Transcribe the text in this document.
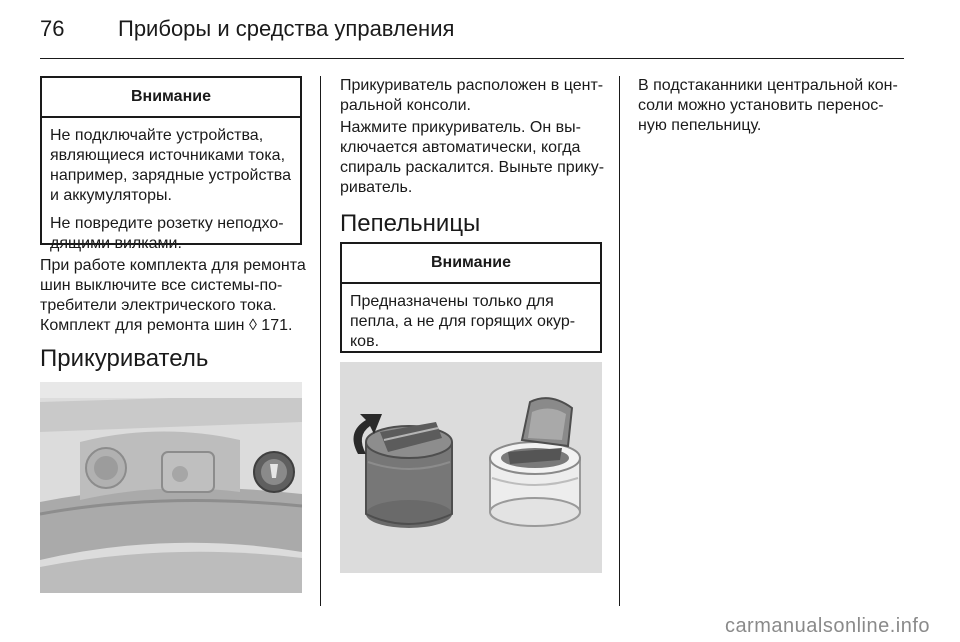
76 Приборы и средства управления
Внимание

Не подключайте устройства,
являющиеся источниками тока,
например, зарядные устройства
и аккумуляторы.

Не повредите розетку неподхо-
дящими вилками.

При работе комплекта для ремонта
шин выключите все системы-по-
требители электрического тока.
Комплект для ремонта шин ◊ 171.

Прикуриватель

Прикуриватель расположен в цент-
ральной консоли.

Нажмите прикуриватель. Он вы-
ключается автоматически, когда
спираль раскалится. Выньте прику-
риватель.

Пепельницы
Внимание

Предназначены только для
пепла, а не для горящих окур-
ков.

В подстаканники центральной кон-
соли можно установить перенос-
ную пепельницу.

carmanualsonline.info
